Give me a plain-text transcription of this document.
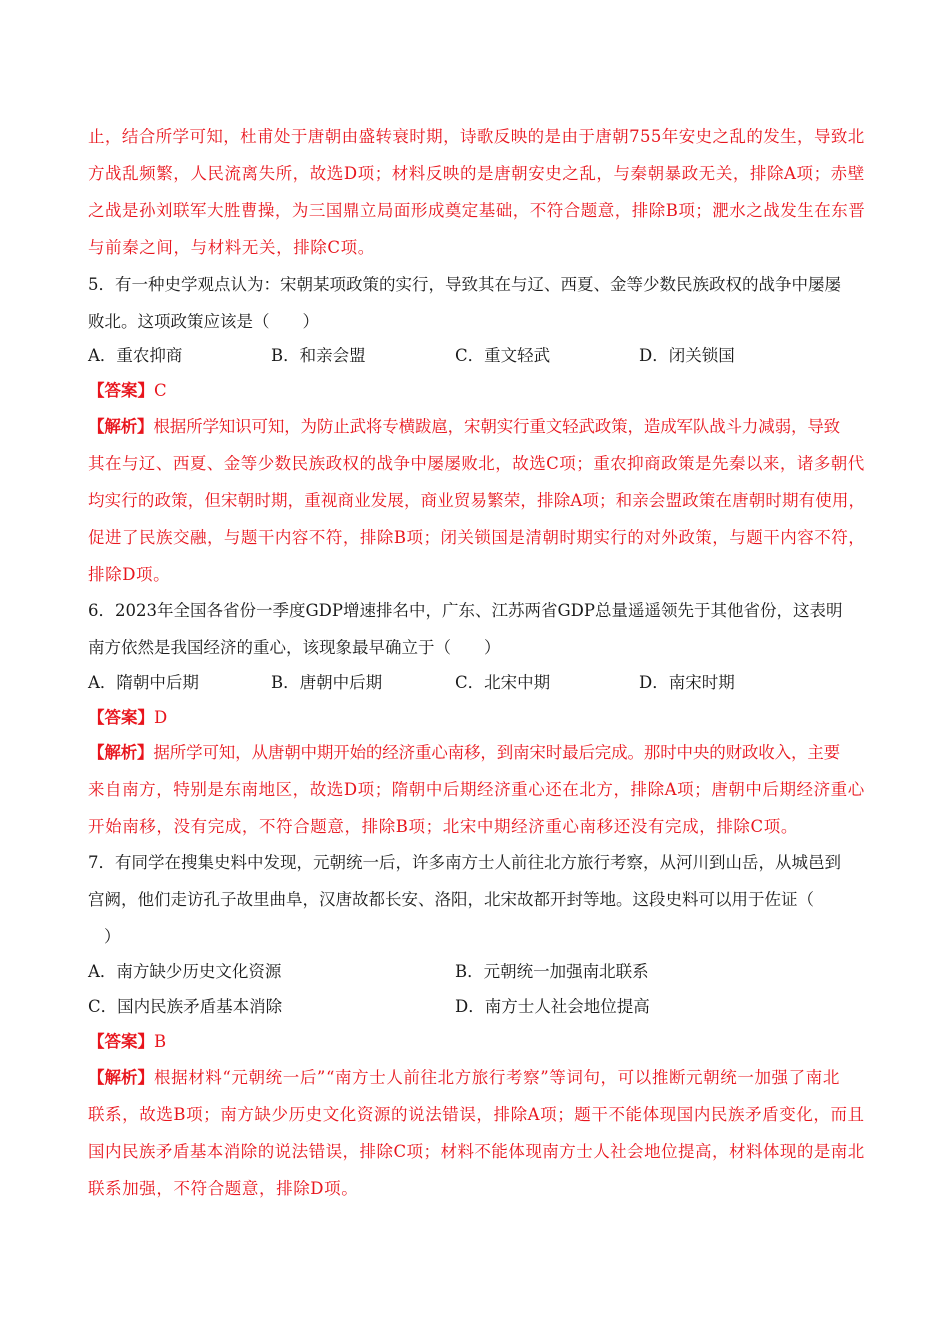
止，结合所学可知，杜甫处于唐朝由盛转衰时期，诗歌反映的是由于唐朝755年安史之乱的发生，导致北
方战乱频繁，人民流离失所，故选D项；材料反映的是唐朝安史之乱，与秦朝暴政无关，排除A项；赤壁
之战是孙刘联军大胜曹操，为三国鼎立局面形成奠定基础，不符合题意，排除B项；淝水之战发生在东晋
与前秦之间，与材料无关，排除C项。
5．有一种史学观点认为：宋朝某项政策的实行，导致其在与辽、西夏、金等少数民族政权的战争中屡屡
败北。这项政策应该是（　　）
A．重农抑商	B．和亲会盟	C．重文轻武	D．闭关锁国
【答案】C
【解析】根据所学知识可知，为防止武将专横跋扈，宋朝实行重文轻武政策，造成军队战斗力减弱，导致
其在与辽、西夏、金等少数民族政权的战争中屡屡败北，故选C项；重农抑商政策是先秦以来，诸多朝代
均实行的政策，但宋朝时期，重视商业发展，商业贸易繁荣，排除A项；和亲会盟政策在唐朝时期有使用，
促进了民族交融，与题干内容不符，排除B项；闭关锁国是清朝时期实行的对外政策，与题干内容不符，
排除D项。
6．2023年全国各省份一季度GDP增速排名中，广东、江苏两省GDP总量遥遥领先于其他省份，这表明
南方依然是我国经济的重心，该现象最早确立于（　　）
A．隋朝中后期	B．唐朝中后期	C．北宋中期	D．南宋时期
【答案】D
【解析】据所学可知，从唐朝中期开始的经济重心南移，到南宋时最后完成。那时中央的财政收入，主要
来自南方，特别是东南地区，故选D项；隋朝中后期经济重心还在北方，排除A项；唐朝中后期经济重心
开始南移，没有完成，不符合题意，排除B项；北宋中期经济重心南移还没有完成，排除C项。
7．有同学在搜集史料中发现，元朝统一后，许多南方士人前往北方旅行考察，从河川到山岳，从城邑到
宫阙，他们走访孔子故里曲阜，汉唐故都长安、洛阳，北宋故都开封等地。这段史料可以用于佐证（
）
A．南方缺少历史文化资源	B．元朝统一加强南北联系
C．国内民族矛盾基本消除	D．南方士人社会地位提高
【答案】B
【解析】根据材料“元朝统一后”“南方士人前往北方旅行考察”等词句，可以推断元朝统一加强了南北
联系，故选B项；南方缺少历史文化资源的说法错误，排除A项；题干不能体现国内民族矛盾变化，而且
国内民族矛盾基本消除的说法错误，排除C项；材料不能体现南方士人社会地位提高，材料体现的是南北
联系加强，不符合题意，排除D项。
